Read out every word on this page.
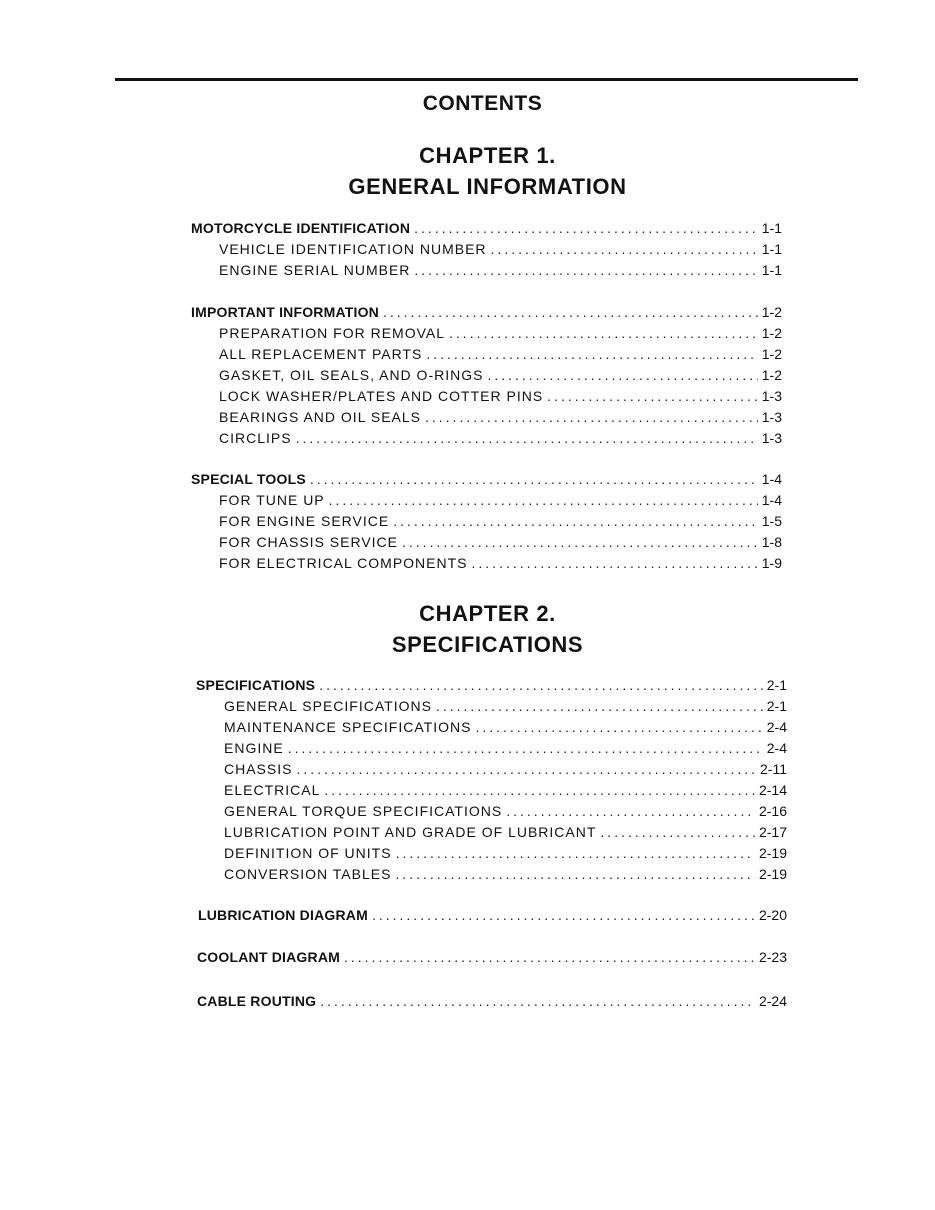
CONTENTS
CHAPTER 1.
GENERAL INFORMATION
MOTORCYCLE IDENTIFICATION .....	1-1
VEHICLE IDENTIFICATION NUMBER .....	1-1
ENGINE SERIAL NUMBER .....	1-1
IMPORTANT INFORMATION .....	1-2
PREPARATION FOR REMOVAL .....	1-2
ALL REPLACEMENT PARTS .....	1-2
GASKET, OIL SEALS, AND O-RINGS .....	1-2
LOCK WASHER/PLATES AND COTTER PINS .....	1-3
BEARINGS AND OIL SEALS .....	1-3
CIRCLIPS .....	1-3
SPECIAL TOOLS .....	1-4
FOR TUNE UP .....	1-4
FOR ENGINE SERVICE .....	1-5
FOR CHASSIS SERVICE .....	1-8
FOR ELECTRICAL COMPONENTS .....	1-9
CHAPTER 2.
SPECIFICATIONS
SPECIFICATIONS .....	2-1
GENERAL SPECIFICATIONS .....	2-1
MAINTENANCE SPECIFICATIONS .....	2-4
ENGINE .....	2-4
CHASSIS .....	2-11
ELECTRICAL .....	2-14
GENERAL TORQUE SPECIFICATIONS .....	2-16
LUBRICATION POINT AND GRADE OF LUBRICANT .....	2-17
DEFINITION OF UNITS .....	2-19
CONVERSION TABLES .....	2-19
LUBRICATION DIAGRAM .....	2-20
COOLANT DIAGRAM .....	2-23
CABLE ROUTING .....	2-24
